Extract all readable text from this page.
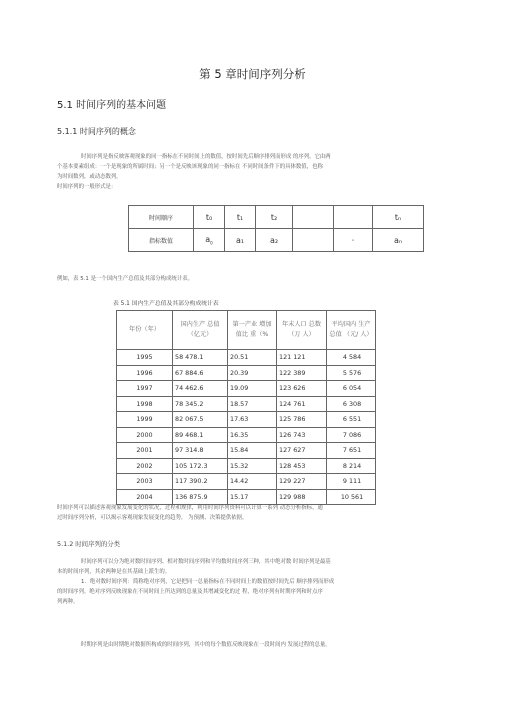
第 5 章时间序列分析
5.1 时间序列的基本问题
5.1.1 时间序列的概念
时间序列是指反映客观现象的同一指标在不同时间上的数值，按时间先后顺序排列而形成 的序列，它由两
个基本要素组成：一个是现象的所属时间；另一个是反映该现象的同一指标在 不同时间条件下的具体数值，也称
为时间数列，或动态数列。
时间序列的一般形式是：
时间顺序	t₀	t₁	t₂			tₙ
指标数值	$a_0$	a₁	a₂		ₙ	aₙ
例如，表 5.1 是一个国内生产总值及其部分构成统计表。
表 5.1 国内生产总值及其部分构成统计表
年份（年）	国内生产 总值（亿元）	第一产业 增加值比 重（%	年末人口 总数（万 人）	平均国内 生产总值 （元/ 人）
1995	58 478.1	20.51	121 121	4 584
1996	67 884.6	20.39	122 389	5 576
1997	74 462.6	19.09	123 626	6 054
1998	78 345.2	18.57	124 761	6 308
1999	82 067.5	17.63	125 786	6 551
2000	89 468.1	16.35	126 743	7 086
2001	97 314.8	15.84	127 627	7 651
2002	105 172.3	15.32	128 453	8 214
2003	117 390.2	14.42	129 227	9 111
2004	136 875.9	15.17	129 988	10 561
时间序列可以描述客观现象发展变化的状况，过程和规律，利用时间序列资料可以计算一系列 动态分析指标，通
过时间序列分析，可以揭示客观现象发展变化的趋势， 为预测、决策提供依据。
5.1.2 时间序列的分类
时间序列可以分为绝对数时间序列、相对数时间序列和平均数时间序列三种，其中绝对数 时间序列是最基
本的时间序列，其余两种是在其基础上派生的。
1．绝对数时间序列：简称绝对序列，它是把同一总量指标在不同时间上的数值按时间先后 顺序排列而形成
的时间序列。绝对序列反映现象在不同时间上所达到的总量及其增减变化的过 程，绝对序列有时期序列和时点序
列两种。
时期序列是由时期绝对数据所构成的时间序列，其中的每个数值反映现象在一段时间内 发展过程的总量。
